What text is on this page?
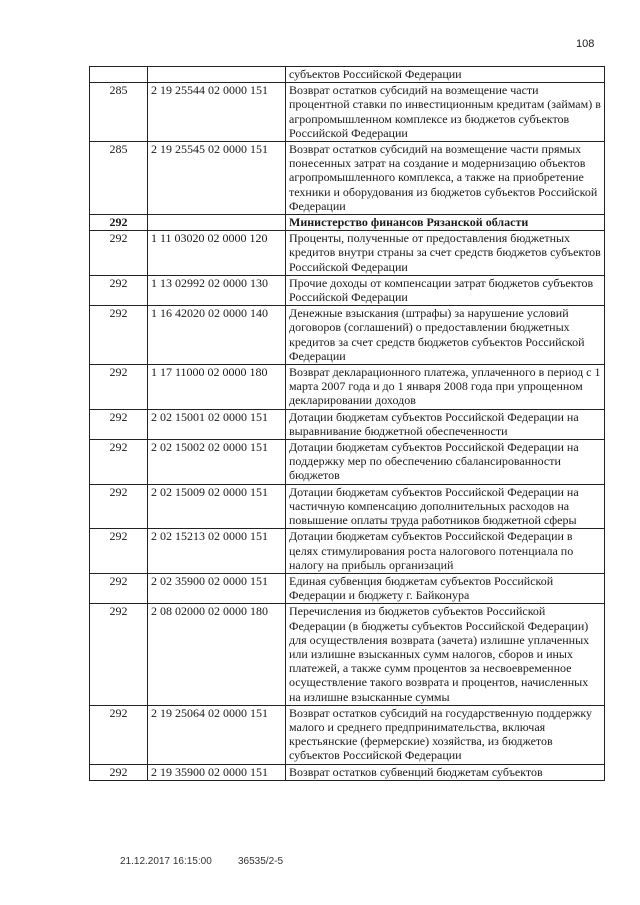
108
		субъектов Российской Федерации
285	2 19 25544 02 0000 151	Возврат остатков субсидий на возмещение части процентной ставки по инвестиционным кредитам (займам) в агропромышленном комплексе из бюджетов субъектов Российской Федерации
285	2 19 25545 02 0000 151	Возврат остатков субсидий на возмещение части прямых понесенных затрат на создание и модернизацию объектов агропромышленного комплекса, а также на приобретение техники и оборудования из бюджетов субъектов Российской Федерации
292		Министерство финансов Рязанской области
292	1 11 03020 02 0000 120	Проценты, полученные от предоставления бюджетных кредитов внутри страны за счет средств бюджетов субъектов Российской Федерации
292	1 13 02992 02 0000 130	Прочие доходы от компенсации затрат бюджетов субъектов Российской Федерации
292	1 16 42020 02 0000 140	Денежные взыскания (штрафы) за нарушение условий договоров (соглашений) о предоставлении бюджетных кредитов за счет средств бюджетов субъектов Российской Федерации
292	1 17 11000 02 0000 180	Возврат декларационного платежа, уплаченного в период с 1 марта 2007 года и до 1 января 2008 года при упрощенном декларировании доходов
292	2 02 15001 02 0000 151	Дотации бюджетам субъектов Российской Федерации на выравнивание бюджетной обеспеченности
292	2 02 15002 02 0000 151	Дотации бюджетам субъектов Российской Федерации на поддержку мер по обеспечению сбалансированности бюджетов
292	2 02 15009 02 0000 151	Дотации бюджетам субъектов Российской Федерации на частичную компенсацию дополнительных расходов на повышение оплаты труда работников бюджетной сферы
292	2 02 15213 02 0000 151	Дотации бюджетам субъектов Российской Федерации в целях стимулирования роста налогового потенциала по налогу на прибыль организаций
292	2 02 35900 02 0000 151	Единая субвенция бюджетам субъектов Российской Федерации и бюджету г. Байконура
292	2 08 02000 02 0000 180	Перечисления из бюджетов субъектов Российской Федерации (в бюджеты субъектов Российской Федерации) для осуществления возврата (зачета) излишне уплаченных или излишне взысканных сумм налогов, сборов и иных платежей, а также сумм процентов за несвоевременное осуществление такого возврата и процентов, начисленных на излишне взысканные суммы
292	2 19 25064 02 0000 151	Возврат остатков субсидий на государственную поддержку малого и среднего предпринимательства, включая крестьянские (фермерские) хозяйства, из бюджетов субъектов Российской Федерации
292	2 19 35900 02 0000 151	Возврат остатков субвенций бюджетам субъектов
21.12.2017 16:15:00	36535/2-5
